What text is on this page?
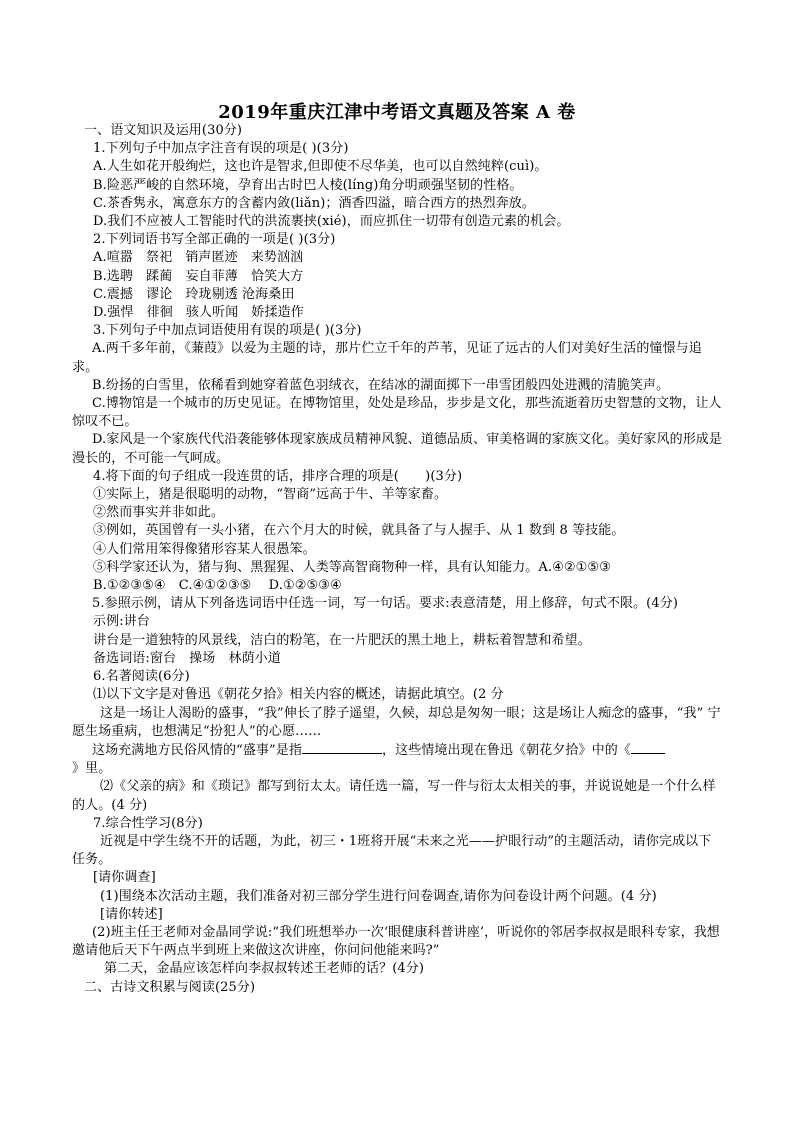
2019年重庆江津中考语文真题及答案 A 卷

一、语文知识及运用(30分)

1.下列句子中加点字注音有误的项是( )(3分)

A.人生如花开般绚烂，这也许是智求,但即使不尽华美，也可以自然纯粹(cuì)。

B.险恶严峻的自然环境，孕育出古时巴人棱(líng)角分明顽强坚韧的性格。

C.茶香隽永，寓意东方的含蓄内敛(liǎn)；酒香四溢，暗合西方的热烈奔放。

D.我们不应被人工智能时代的洪流裹挟(xié)，而应抓住一切带有创造元素的机会。

2.下列词语书写全部正确的一项是( )(3分)

A.喧嚣　祭祀　销声匿迹　来势汹汹

B.选聘　蹂蔺　妄自菲薄　恰笑大方

C.震撼　谬论　玲珑剔透 沧海桑田

D.强悍　徘徊　骇人听闻　娇揉造作

3.下列句子中加点词语使用有误的项是( )(3分)

A.两千多年前，《蒹葭》以爱为主题的诗，那片伫立千年的芦苇，见证了远古的人们对美好生活的憧憬与追求。

B.纷扬的白雪里，依稀看到她穿着蓝色羽绒衣，在结冰的湖面掷下一串雪团般四处进溅的清脆笑声。

C.博物馆是一个城市的历史见证。在博物馆里，处处是珍品，步步是文化，那些流逝着历史智慧的文物，让人惊叹不已。

D.家风是一个家族代代沿袭能够体现家族成员精神风貌、道德品质、审美格调的家族文化。美好家风的形成是漫长的，不可能一气呵成。

4.将下面的句子组成一段连贯的话，排序合理的项是(　　)(3分)

①实际上，猪是很聪明的动物，“智商”远高于牛、羊等家畜。

②然而事实并非如此。

③例如，英国曾有一头小猪，在六个月大的时候，就具备了与人握手、从 1 数到 8 等技能。

④人们常用笨得像猪形容某人很愚笨。

⑤科学家还认为，猪与狗、黑猩猩、人类等高智商物种一样，具有认知能力。A.④②①⑤③

B.①②③⑤④　C.④①②③⑤　 D.①②⑤③④

5.参照示例，请从下列备选词语中任选一词，写一句话。要求:表意清楚，用上修辞，句式不限。(4分)

示例:讲台

讲台是一道独特的风景线，洁白的粉笔，在一片肥沃的黑土地上，耕耘着智慧和希望。

备选词语:窗台　操场　林荫小道

6.名著阅读(6分)

⑴以下文字是对鲁迅《朝花夕拾》相关内容的概述，请据此填空。(2 分

这是一场让人渴盼的盛事，“我”伸长了脖子遥望，久候，却总是匆匆一眼；这是场让人痴念的盛事，“我” 宁愿生场重病，也想满足“扮犯人”的心愿……

这场充满地方民俗风情的“盛事”是指	，这些情境出现在鲁迅《朝花夕拾》中的《

》里。

⑵《父亲的病》和《琐记》都写到衍太太。请任选一篇，写一件与衍太太相关的事，并说说她是一个什么样的人。(4 分)

7.综合性学习(8分)

近视是中学生绕不开的话题，为此，初三・1班将开展“未来之光——护眼行动”的主题活动，请你完成以下任务。

[请你调查]

(1)围绕本次活动主题，我们准备对初三部分学生进行问卷调查,请你为问卷设计两个问题。(4 分)

[请你转述]

(2)班主任王老师对金晶同学说:“我们班想举办一次‘眼健康科普讲座’，听说你的邻居李叔叔是眼科专家，我想邀请他后天下午两点半到班上来做这次讲座，你问问他能来吗?”

第二天，金晶应该怎样向李叔叔转述王老师的话？(4分)

二、古诗文积累与阅读(25分)
